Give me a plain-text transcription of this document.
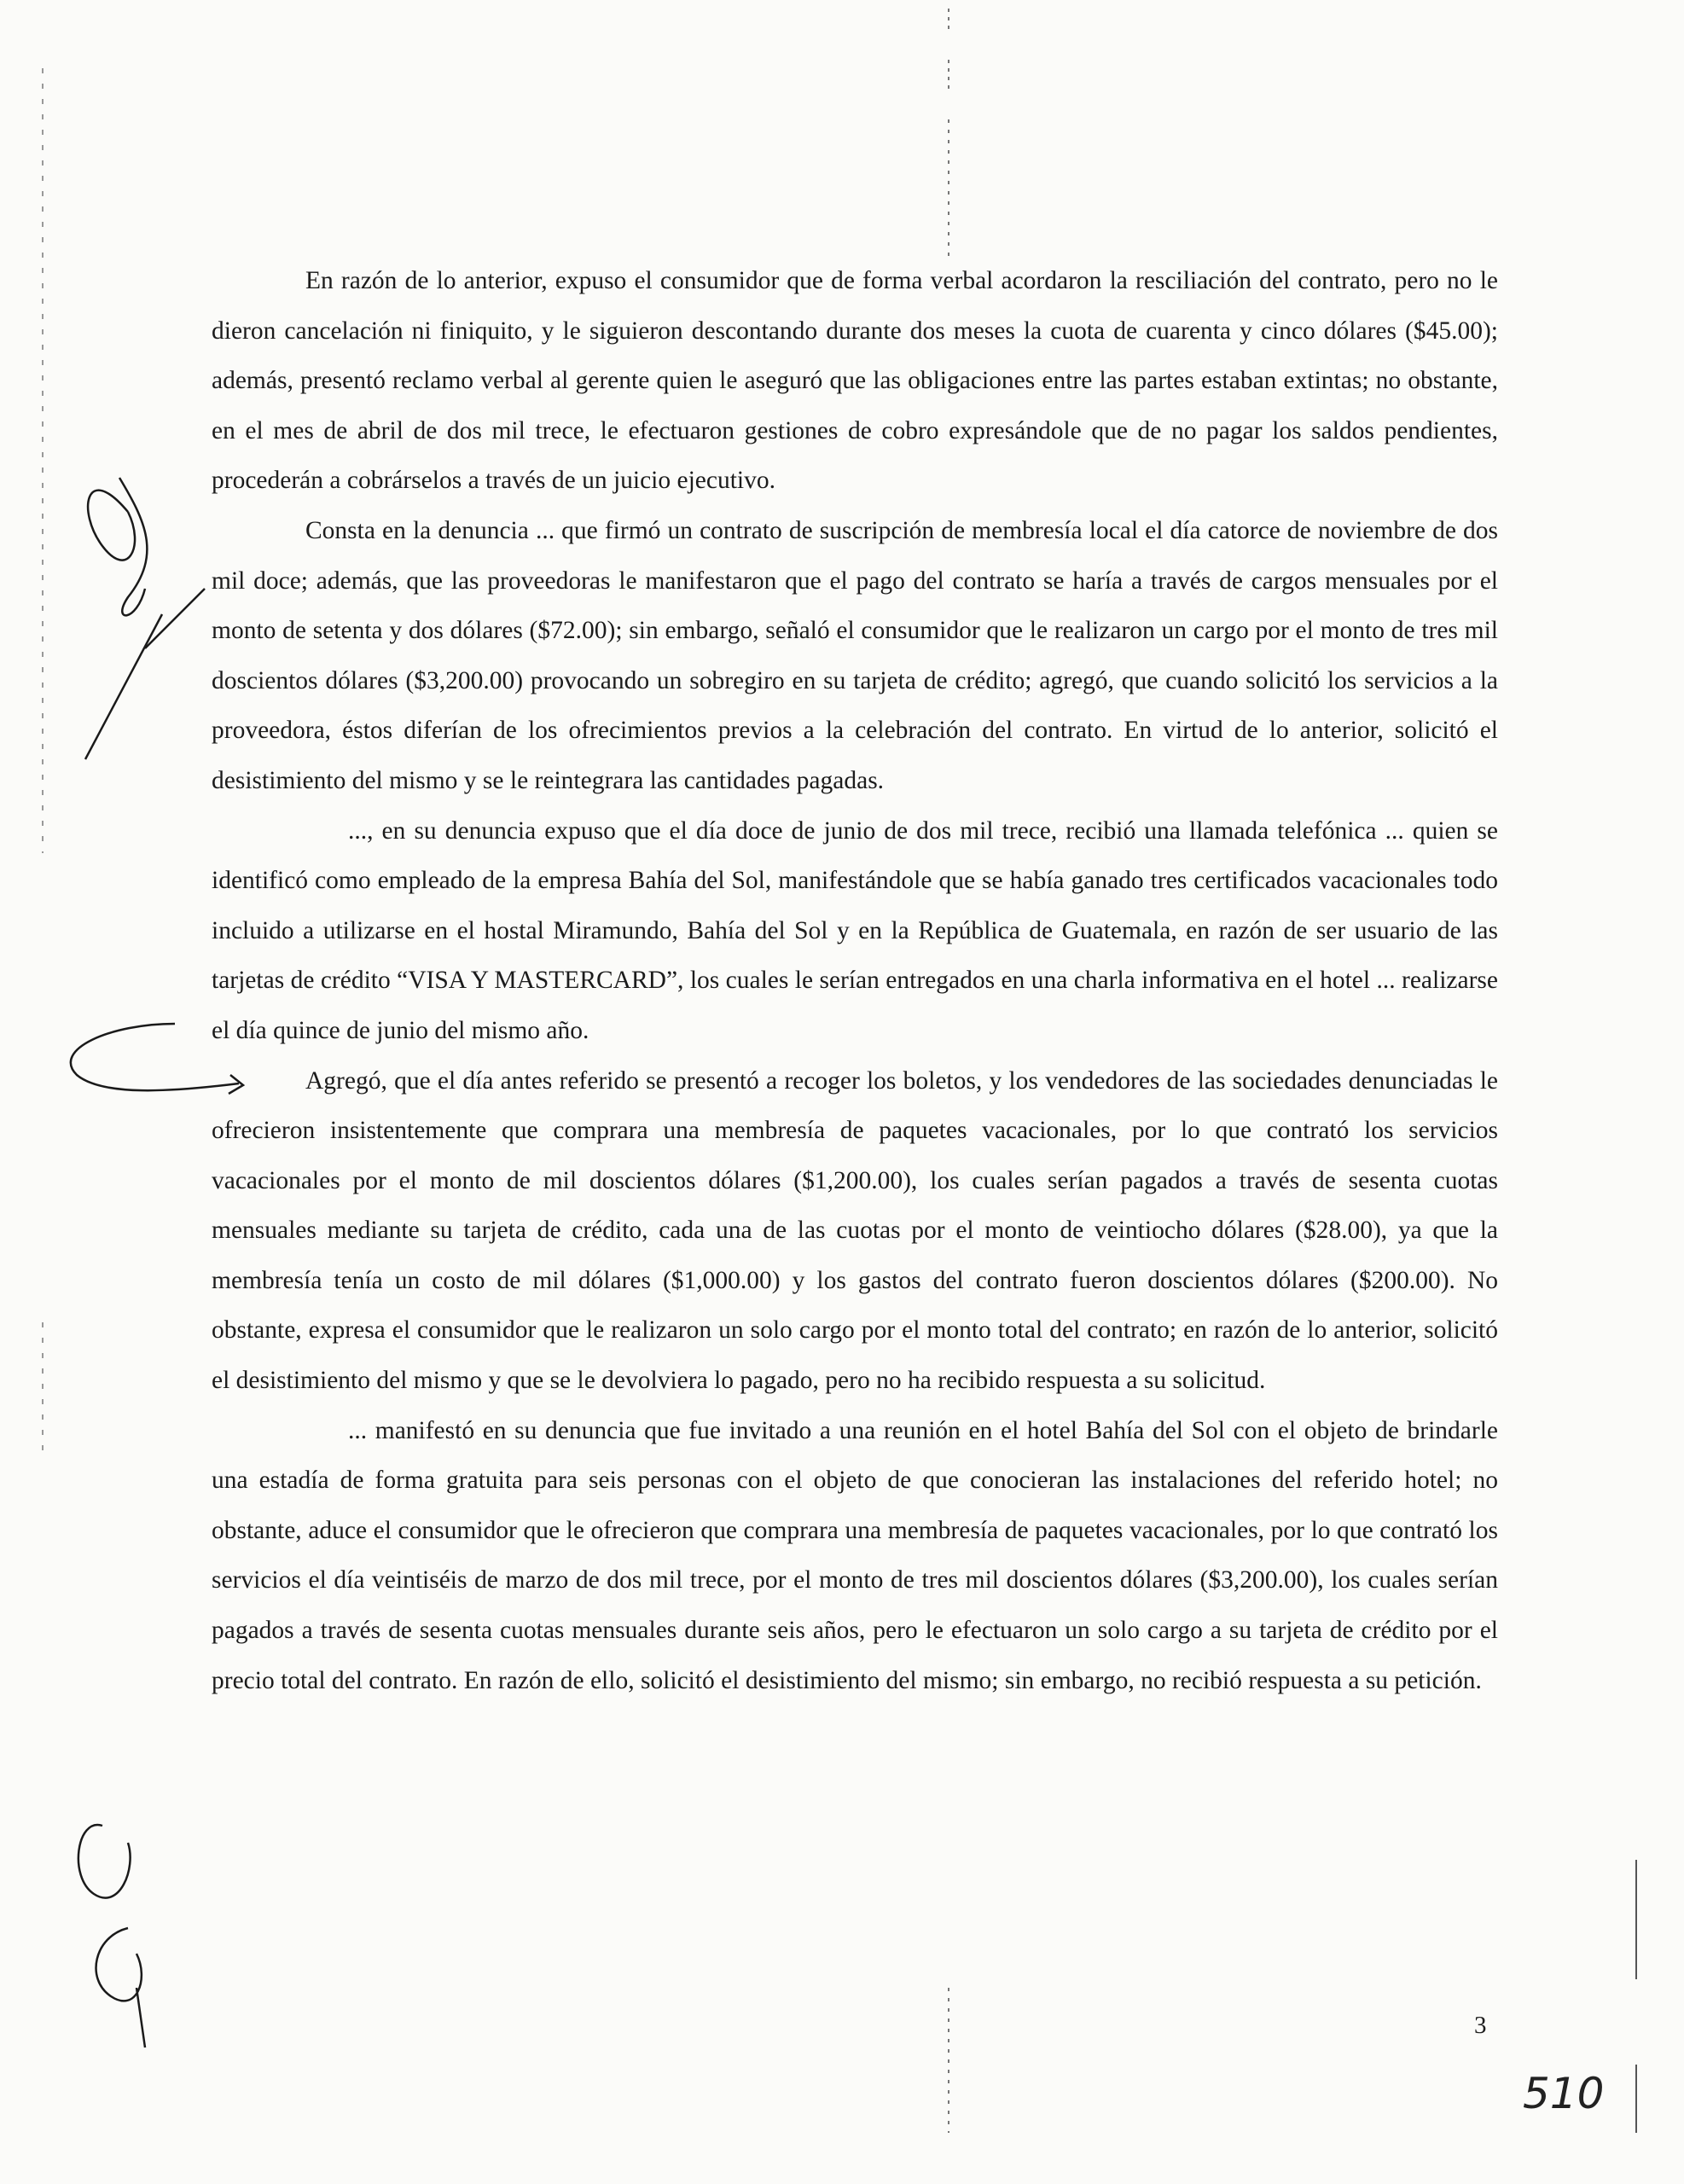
En razón de lo anterior, expuso el consumidor que de forma verbal acordaron la resciliación del contrato, pero no le dieron cancelación ni finiquito, y le siguieron descontando durante dos meses la cuota de cuarenta y cinco dólares ($45.00); además, presentó reclamo verbal al gerente quien le aseguró que las obligaciones entre las partes estaban extintas; no obstante, en el mes de abril de dos mil trece, le efectuaron gestiones de cobro expresándole que de no pagar los saldos pendientes, procederán a cobrárselos a través de un juicio ejecutivo.

Consta en la denuncia ... que firmó un contrato de suscripción de membresía local el día catorce de noviembre de dos mil doce; además, que las proveedoras le manifestaron que el pago del contrato se haría a través de cargos mensuales por el monto de setenta y dos dólares ($72.00); sin embargo, señaló el consumidor que le realizaron un cargo por el monto de tres mil doscientos dólares ($3,200.00) provocando un sobregiro en su tarjeta de crédito; agregó, que cuando solicitó los servicios a la proveedora, éstos diferían de los ofrecimientos previos a la celebración del contrato. En virtud de lo anterior, solicitó el desistimiento del mismo y se le reintegrara las cantidades pagadas.

..., en su denuncia expuso que el día doce de junio de dos mil trece, recibió una llamada telefónica ... quien se identificó como empleado de la empresa Bahía del Sol, manifestándole que se había ganado tres certificados vacacionales todo incluido a utilizarse en el hostal Miramundo, Bahía del Sol y en la República de Guatemala, en razón de ser usuario de las tarjetas de crédito “VISA Y MASTERCARD”, los cuales le serían entregados en una charla informativa en el hotel ... realizarse el día quince de junio del mismo año.

Agregó, que el día antes referido se presentó a recoger los boletos, y los vendedores de las sociedades denunciadas le ofrecieron insistentemente que comprara una membresía de paquetes vacacionales, por lo que contrató los servicios vacacionales por el monto de mil doscientos dólares ($1,200.00), los cuales serían pagados a través de sesenta cuotas mensuales mediante su tarjeta de crédito, cada una de las cuotas por el monto de veintiocho dólares ($28.00), ya que la membresía tenía un costo de mil dólares ($1,000.00) y los gastos del contrato fueron doscientos dólares ($200.00). No obstante, expresa el consumidor que le realizaron un solo cargo por el monto total del contrato; en razón de lo anterior, solicitó el desistimiento del mismo y que se le devolviera lo pagado, pero no ha recibido respuesta a su solicitud.

... manifestó en su denuncia que fue invitado a una reunión en el hotel Bahía del Sol con el objeto de brindarle una estadía de forma gratuita para seis personas con el objeto de que conocieran las instalaciones del referido hotel; no obstante, aduce el consumidor que le ofrecieron que comprara una membresía de paquetes vacacionales, por lo que contrató los servicios el día veintiséis de marzo de dos mil trece, por el monto de tres mil doscientos dólares ($3,200.00), los cuales serían pagados a través de sesenta cuotas mensuales durante seis años, pero le efectuaron un solo cargo a su tarjeta de crédito por el precio total del contrato. En razón de ello, solicitó el desistimiento del mismo; sin embargo, no recibió respuesta a su petición.

3
510
